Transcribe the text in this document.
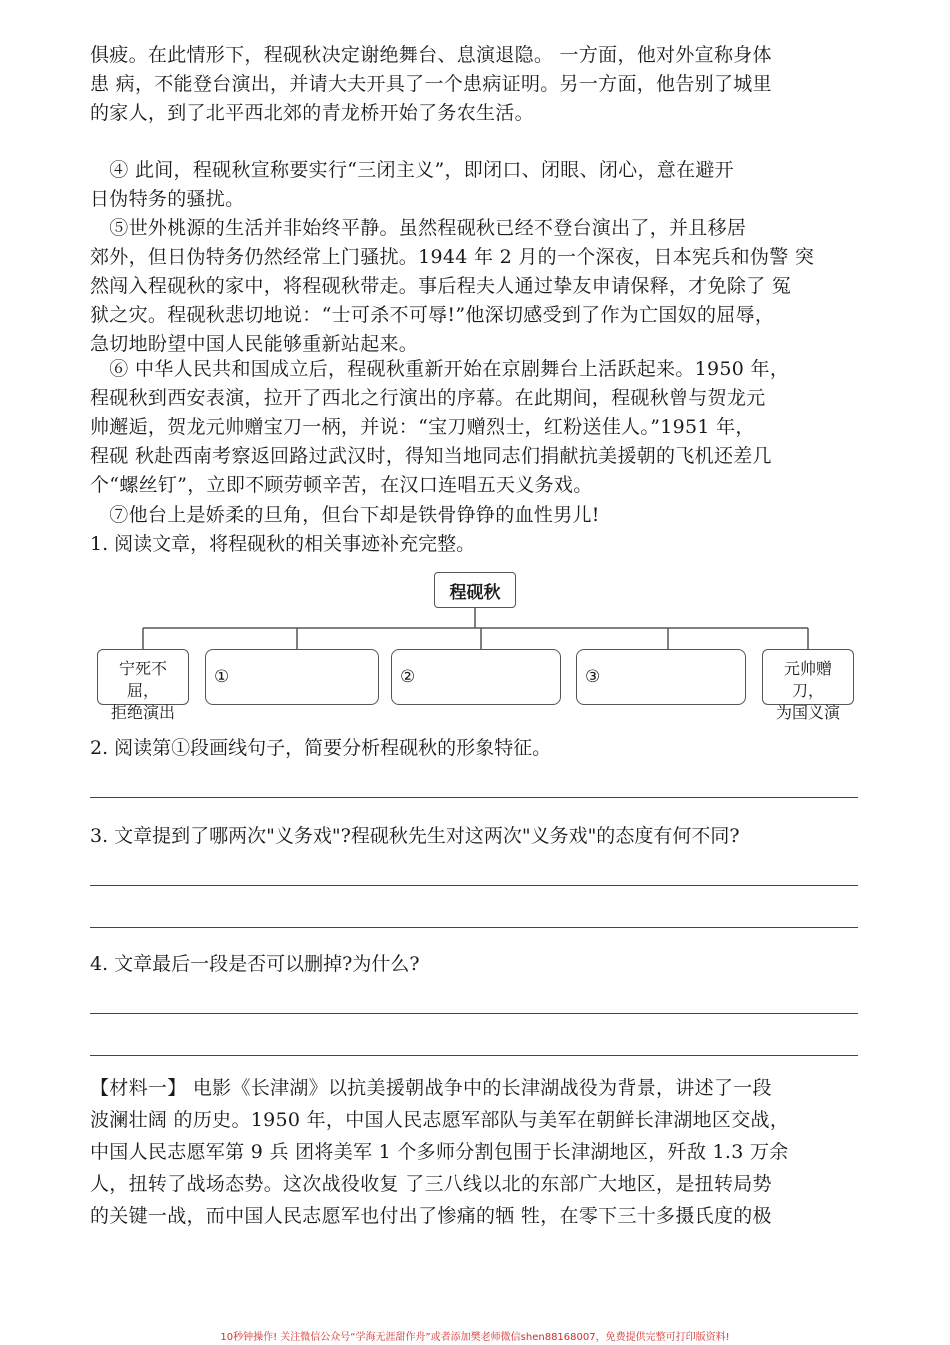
俱疲。在此情形下，程砚秋决定谢绝舞台、息演退隐。 一方面，他对外宣称身体
患 病，不能登台演出，并请大夫开具了一个患病证明。另一方面，他告别了城里
的家人，到了北平西北郊的青龙桥开始了务农生活。
　④ 此间，程砚秋宣称要实行“三闭主义”，即闭口、闭眼、闭心，意在避开
日伪特务的骚扰。
　⑤世外桃源的生活并非始终平静。虽然程砚秋已经不登台演出了，并且移居
郊外，但日伪特务仍然经常上门骚扰。1944 年 2 月的一个深夜，日本宪兵和伪警 突
然闯入程砚秋的家中，将程砚秋带走。事后程夫人通过挚友申请保释，才免除了 冤
狱之灾。程砚秋悲切地说：“士可杀不可辱!”他深切感受到了作为亡国奴的屈辱，
急切地盼望中国人民能够重新站起来。
　⑥ 中华人民共和国成立后，程砚秋重新开始在京剧舞台上活跃起来。1950 年，
程砚秋到西安表演，拉开了西北之行演出的序幕。在此期间，程砚秋曾与贺龙元
帅邂逅，贺龙元帅赠宝刀一柄，并说：“宝刀赠烈士，红粉送佳人。”1951 年，
程砚 秋赴西南考察返回路过武汉时，得知当地同志们捐献抗美援朝的飞机还差几
个“螺丝钉”，立即不顾劳顿辛苦，在汉口连唱五天义务戏。
　⑦他台上是娇柔的旦角，但台下却是铁骨铮铮的血性男儿!

1. 阅读文章，将程砚秋的相关事迹补充完整。

程砚秋
宁死不屈，
拒绝演出
①	②	③	元帅赠刀，
为国义演

2. 阅读第①段画线句子，简要分析程砚秋的形象特征。

3. 文章提到了哪两次"义务戏"?程砚秋先生对这两次"义务戏"的态度有何不同?

4. 文章最后一段是否可以删掉?为什么?

【材料一】 电影《长津湖》以抗美援朝战争中的长津湖战役为背景，讲述了一段
波澜壮阔 的历史。1950 年，中国人民志愿军部队与美军在朝鲜长津湖地区交战，
中国人民志愿军第 9 兵 团将美军 1 个多师分割包围于长津湖地区，歼敌 1.3 万余
人，扭转了战场态势。这次战役收复 了三八线以北的东部广大地区，是扭转局势
的关键一战，而中国人民志愿军也付出了惨痛的牺 牲，在零下三十多摄氏度的极
10秒钟操作! 关注微信公众号“学海无涯甜作舟”或者添加樊老师微信shen88168007，免费提供完整可打印版资料!
